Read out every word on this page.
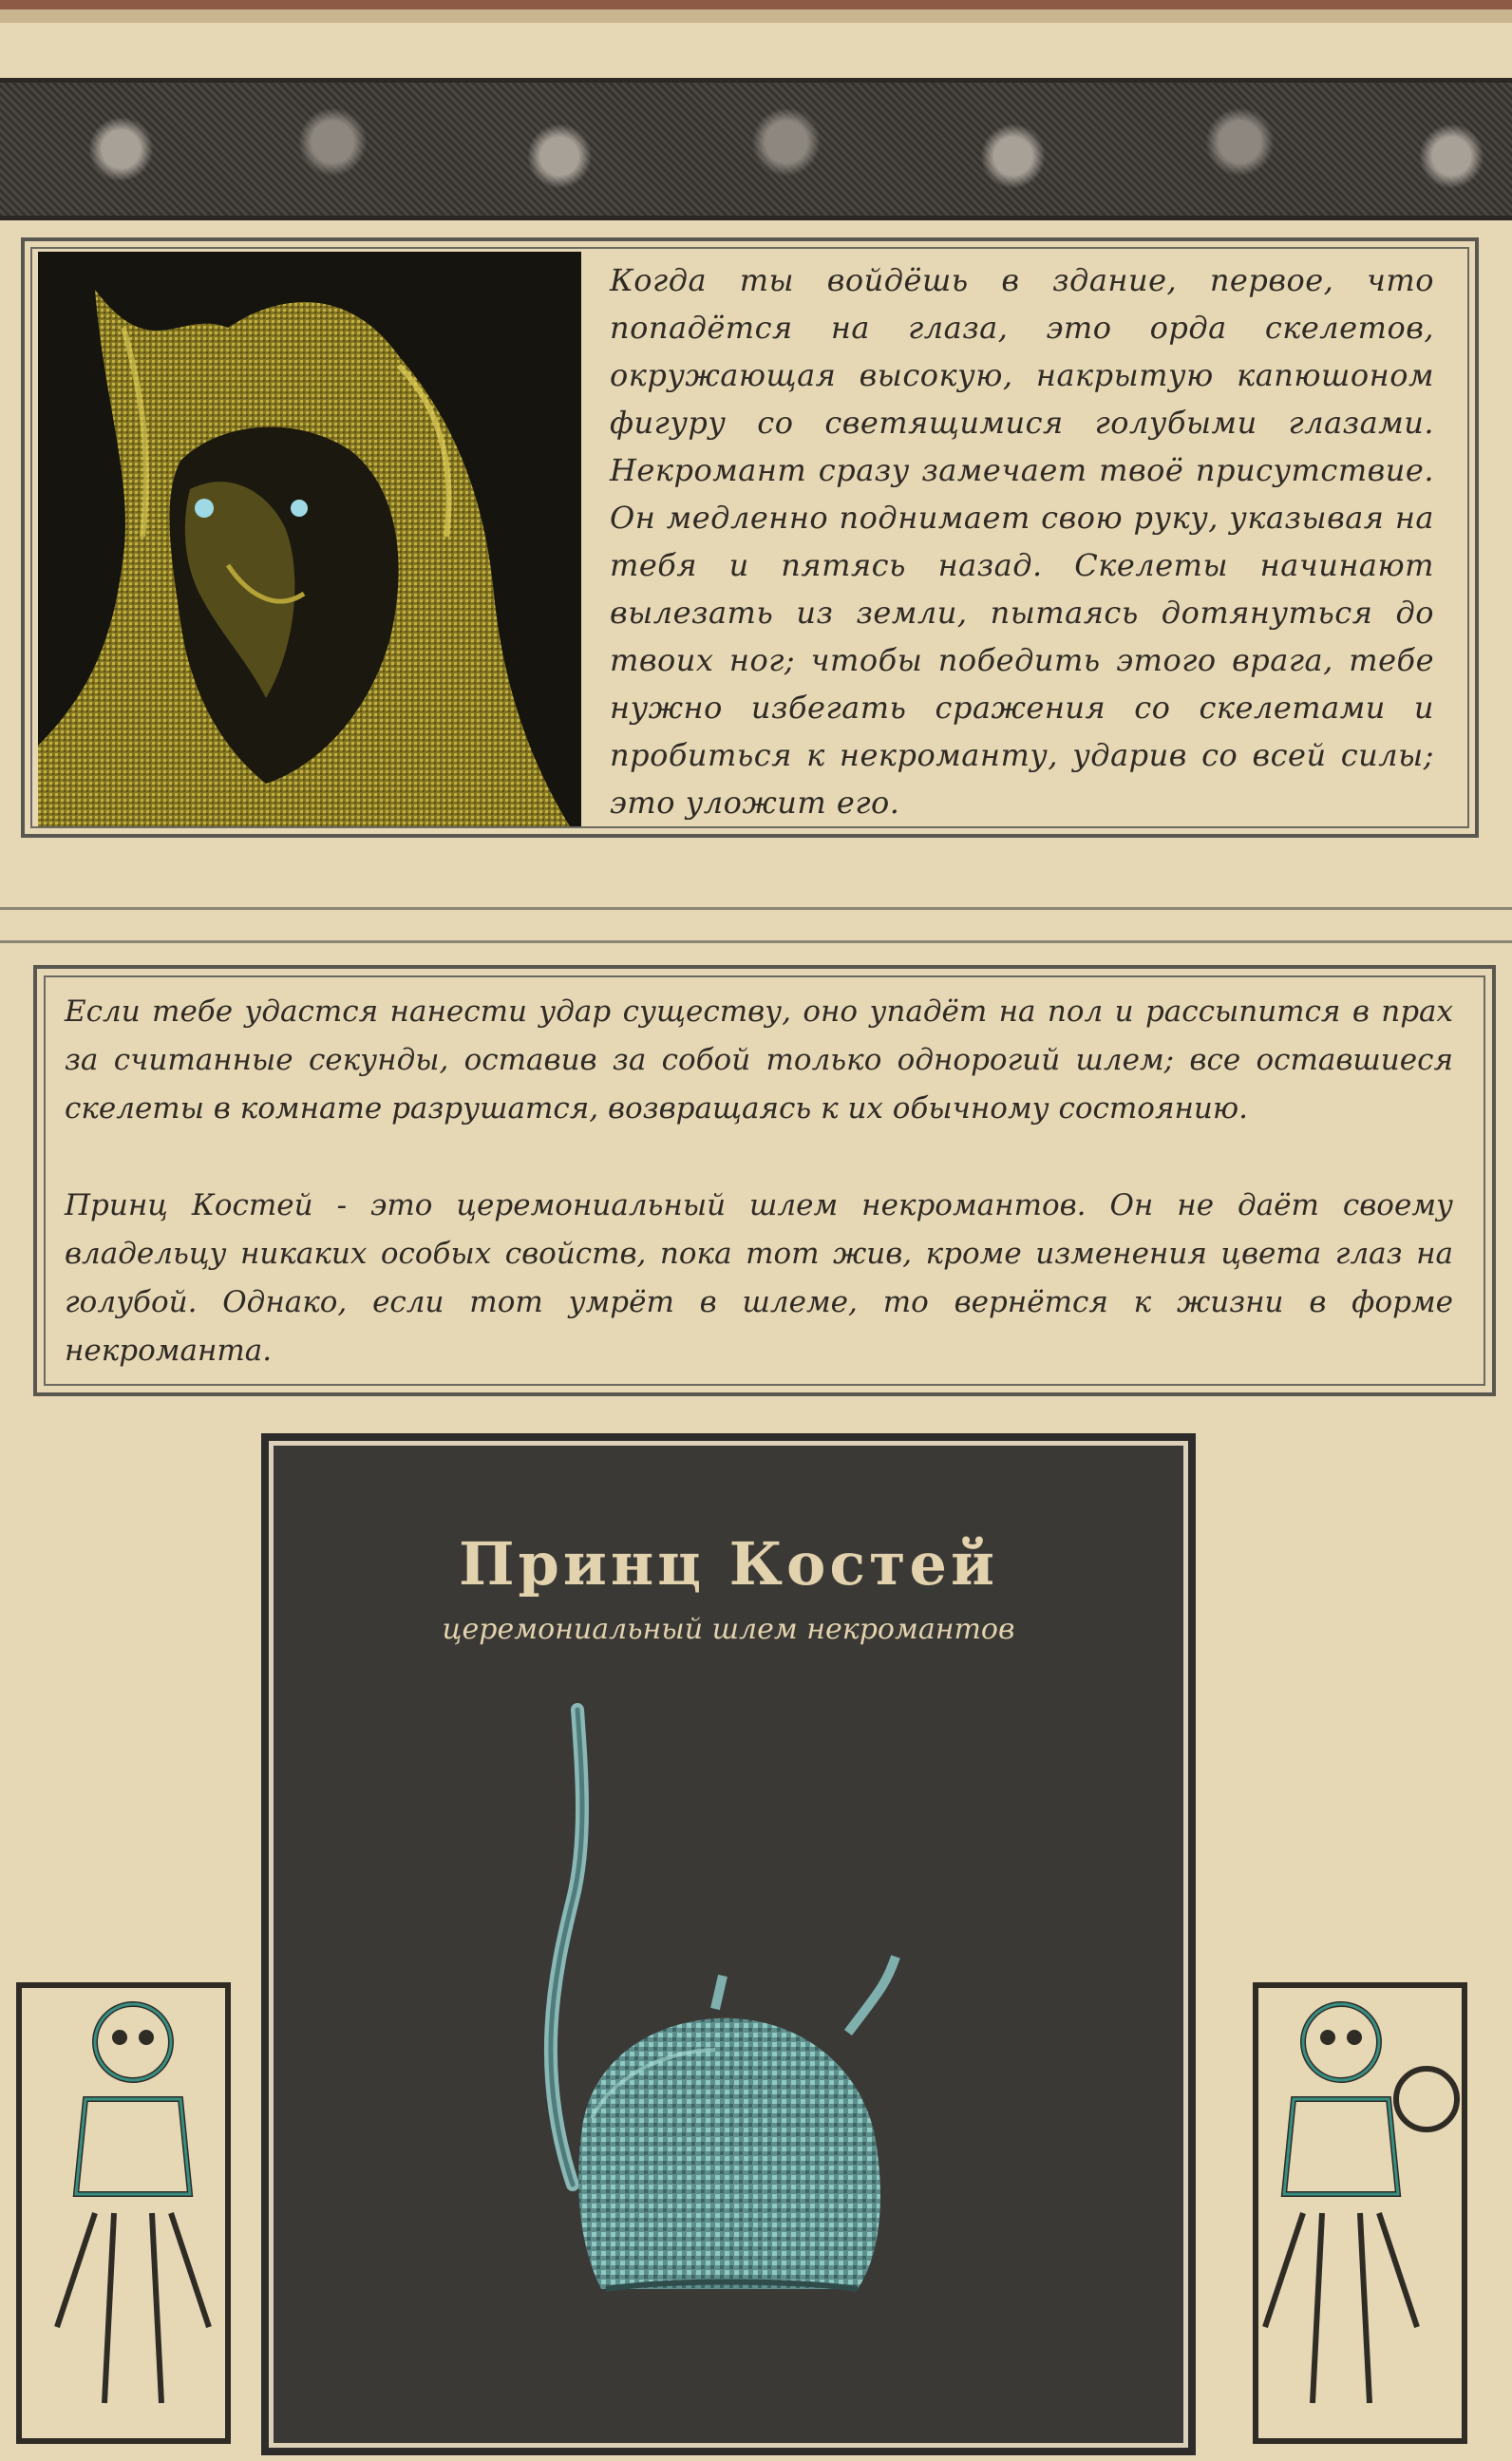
Когда ты войдёшь в здание, первое, что попадётся на глаза, это орда скелетов, окружающая высокую, накрытую капюшоном фигуру со светящимися голубыми глазами. Некромант сразу замечает твоё присутствие. Он медленно поднимает свою руку, указывая на тебя и пятясь назад. Скелеты начинают вылезать из земли, пытаясь дотянуться до твоих ног; чтобы победить этого врага, тебе нужно избегать сражения со скелетами и пробиться к некроманту, ударив со всей силы; это уложит его.

Если тебе удастся нанести удар существу, оно упадёт на пол и рассыпится в прах за считанные секунды, оставив за собой только однорогий шлем; все оставшиеся скелеты в комнате разрушатся, возвращаясь к их обычному состоянию.

Принц Костей - это церемониальный шлем некромантов. Он не даёт своему владельцу никаких особых свойств, пока тот жив, кроме изменения цвета глаз на голубой. Однако, если тот умрёт в шлеме, то вернётся к жизни в форме некроманта.

Принц Костей
церемониальный шлем некромантов
